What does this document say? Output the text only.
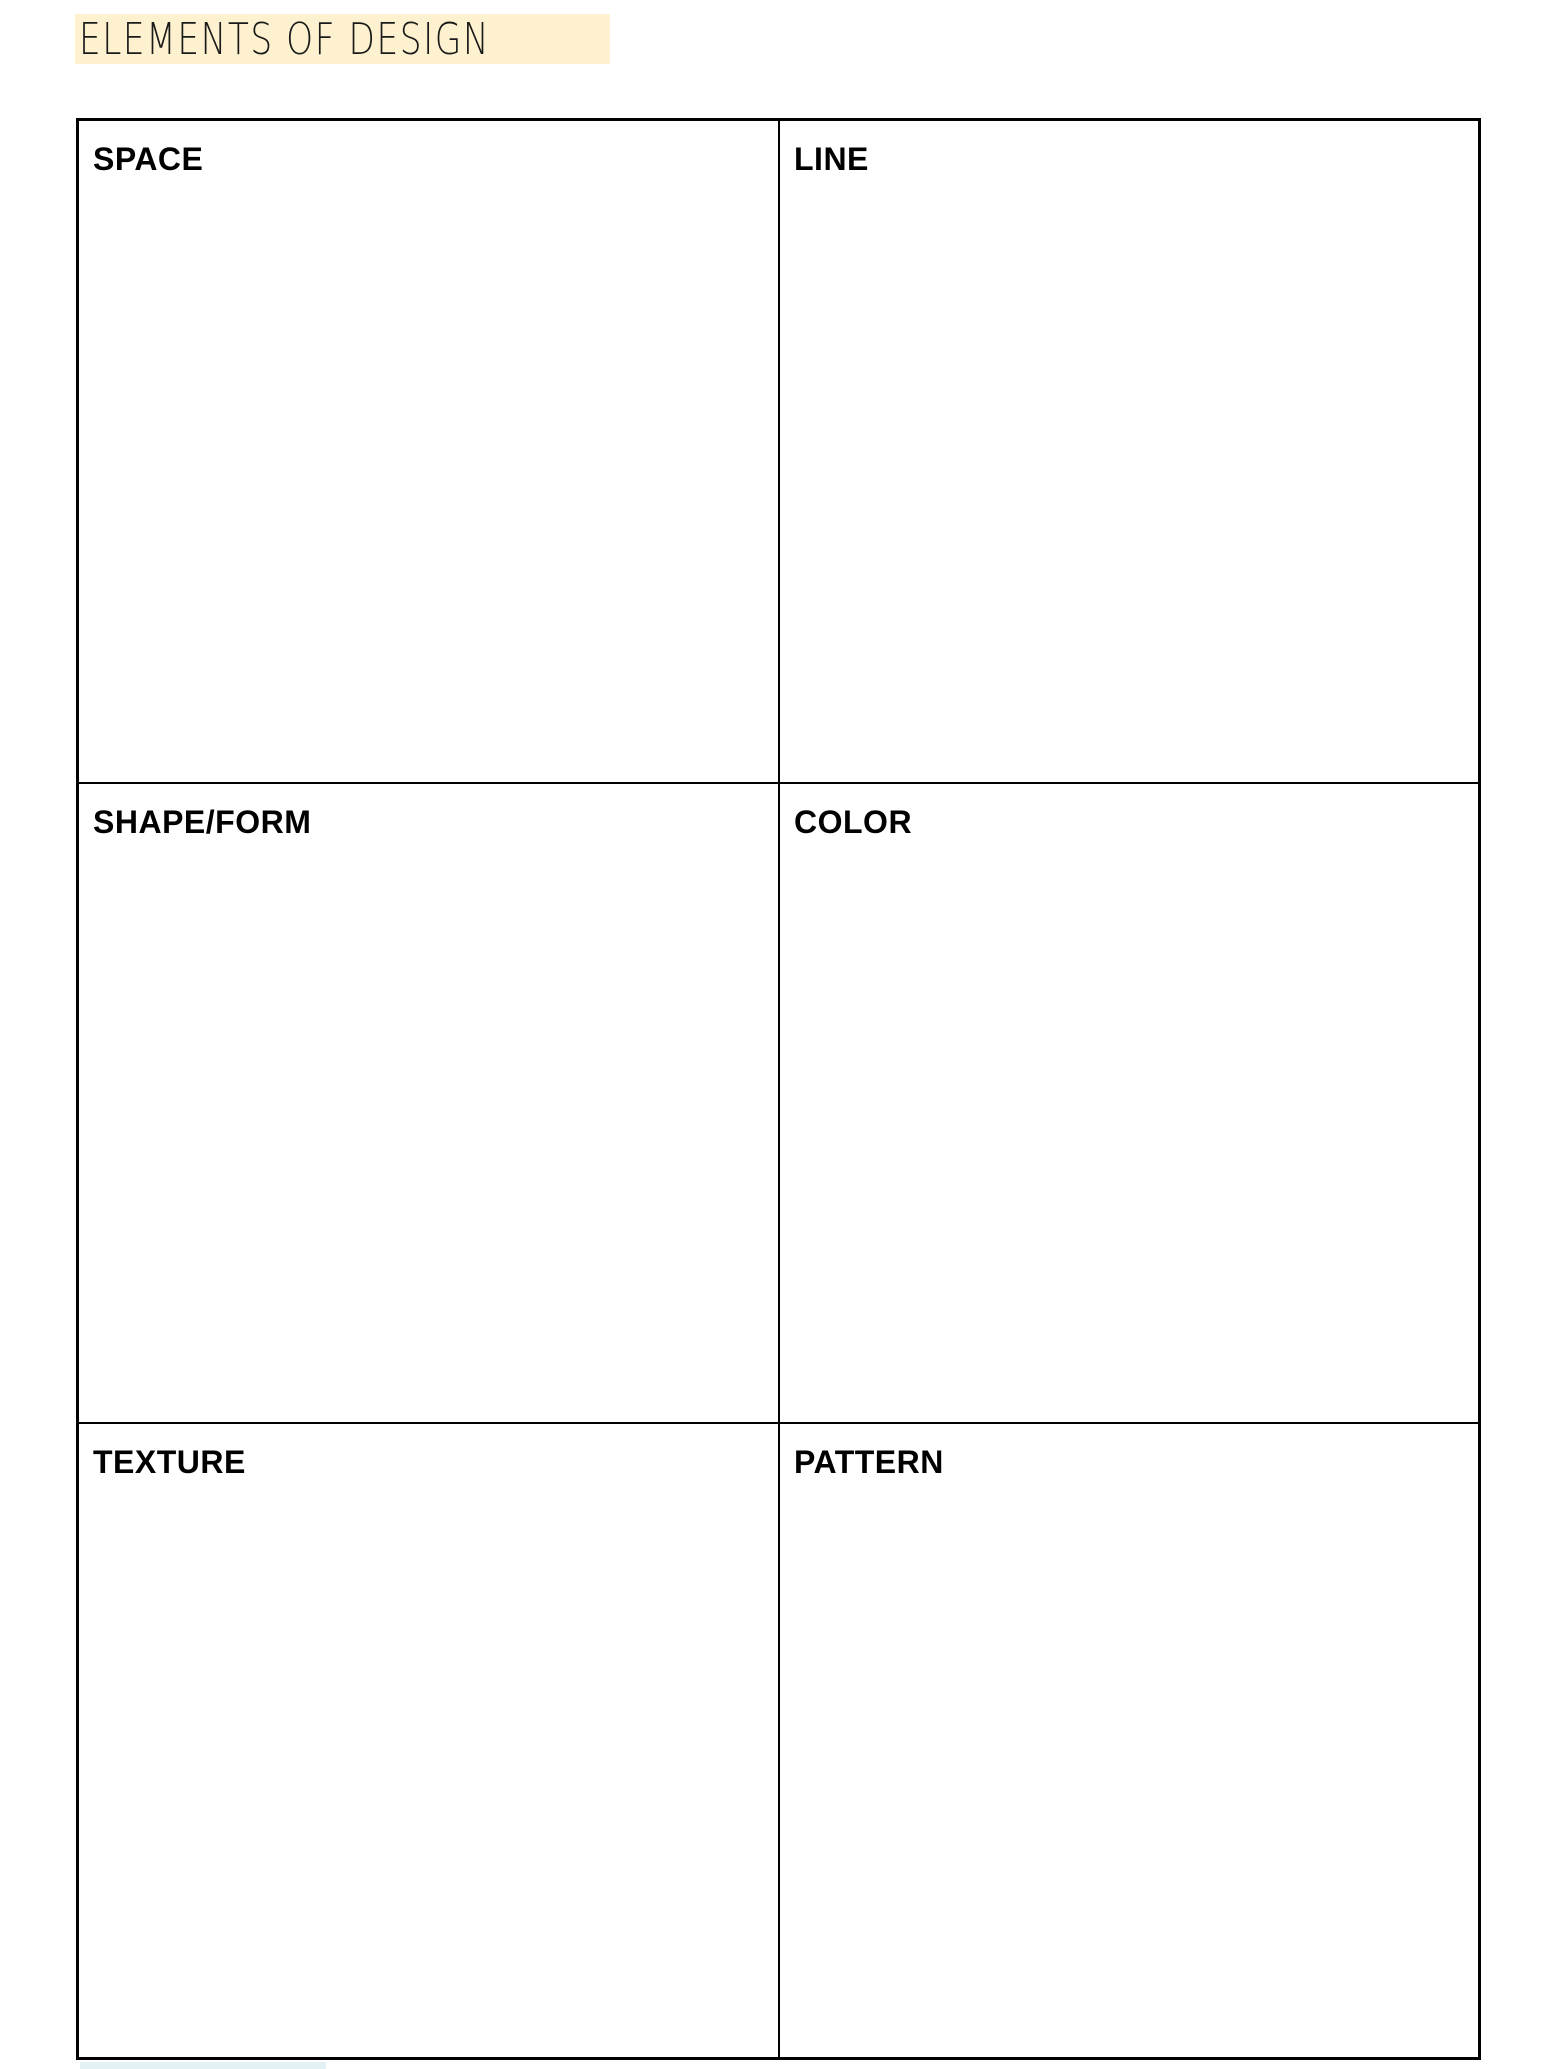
ELEMENTS OF DESIGN
SPACE	LINE
SHAPE/FORM	COLOR
TEXTURE	PATTERN
